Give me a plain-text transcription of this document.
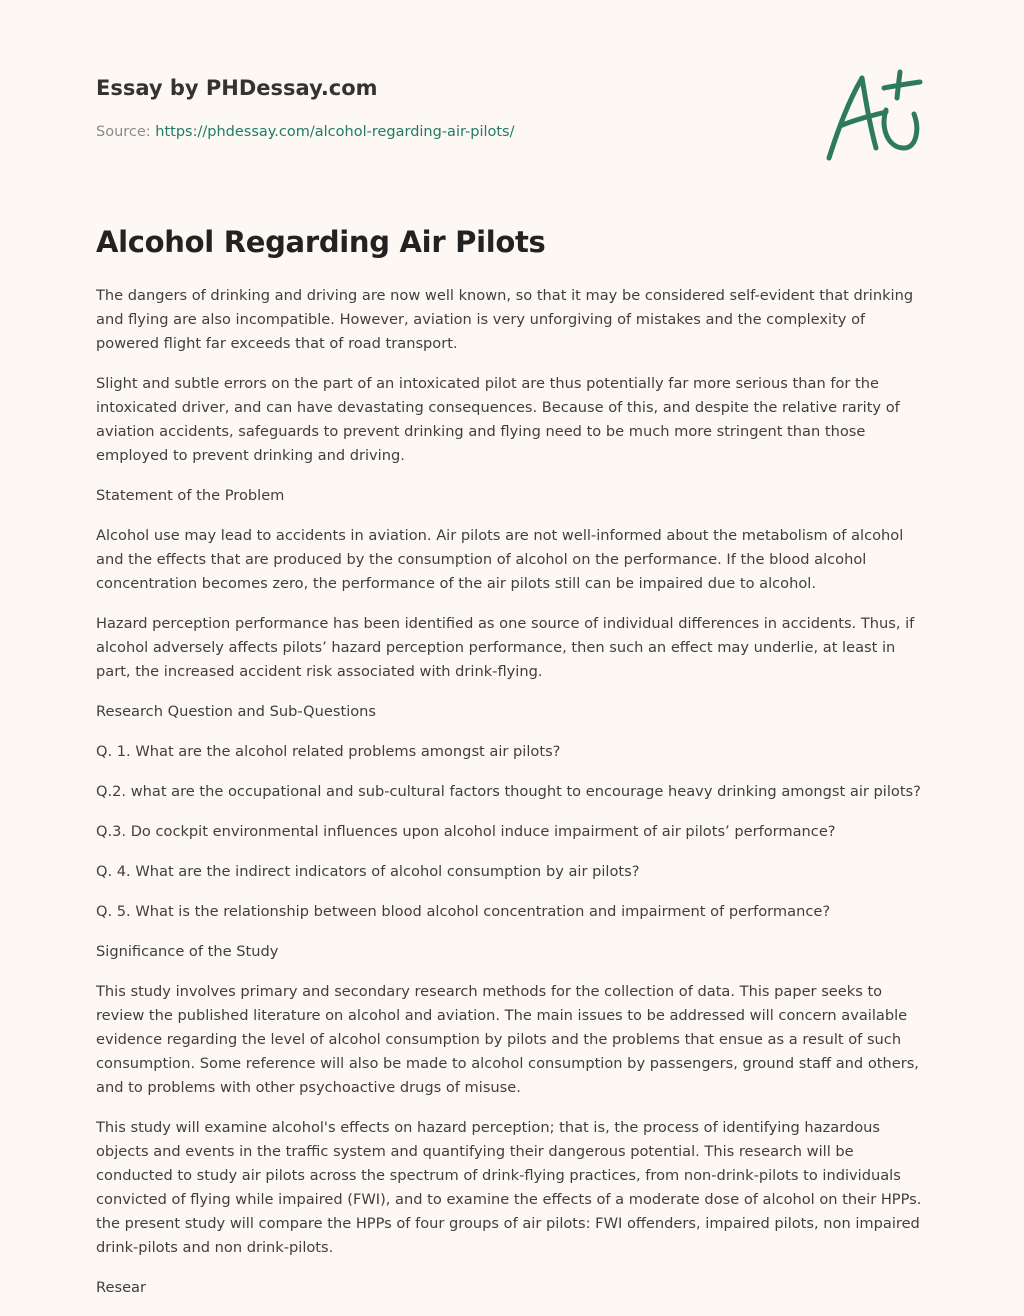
Essay by PHDessay.com
Source: https://phdessay.com/alcohol-regarding-air-pilots/
Alcohol Regarding Air Pilots

The dangers of drinking and driving are now well known, so that it may be considered self-evident that drinking and flying are also incompatible. However, aviation is very unforgiving of mistakes and the complexity of powered flight far exceeds that of road transport.

Slight and subtle errors on the part of an intoxicated pilot are thus potentially far more serious than for the intoxicated driver, and can have devastating consequences. Because of this, and despite the relative rarity of aviation accidents, safeguards to prevent drinking and flying need to be much more stringent than those employed to prevent drinking and driving.

Statement of the Problem

Alcohol use may lead to accidents in aviation. Air pilots are not well-informed about the metabolism of alcohol and the effects that are produced by the consumption of alcohol on the performance. If the blood alcohol concentration becomes zero, the performance of the air pilots still can be impaired due to alcohol.

Hazard perception performance has been identified as one source of individual differences in accidents. Thus, if alcohol adversely affects pilots’ hazard perception performance, then such an effect may underlie, at least in part, the increased accident risk associated with drink-flying.

Research Question and Sub-Questions

Q. 1. What are the alcohol related problems amongst air pilots?

Q.2. what are the occupational and sub-cultural factors thought to encourage heavy drinking amongst air pilots?

Q.3. Do cockpit environmental influences upon alcohol induce impairment of air pilots’ performance?

Q. 4. What are the indirect indicators of alcohol consumption by air pilots?

Q. 5. What is the relationship between blood alcohol concentration and impairment of performance?

Significance of the Study

This study involves primary and secondary research methods for the collection of data. This paper seeks to review the published literature on alcohol and aviation. The main issues to be addressed will concern available evidence regarding the level of alcohol consumption by pilots and the problems that ensue as a result of such consumption. Some reference will also be made to alcohol consumption by passengers, ground staff and others, and to problems with other psychoactive drugs of misuse.

This study will examine alcohol's effects on hazard perception; that is, the process of identifying hazardous objects and events in the traffic system and quantifying their dangerous potential. This research will be conducted to study air pilots across the spectrum of drink-flying practices, from non-drink-pilots to individuals convicted of flying while impaired (FWI), and to examine the effects of a moderate dose of alcohol on their HPPs. the present study will compare the HPPs of four groups of air pilots: FWI offenders, impaired pilots, non impaired drink-pilots and non drink-pilots.

Resear
